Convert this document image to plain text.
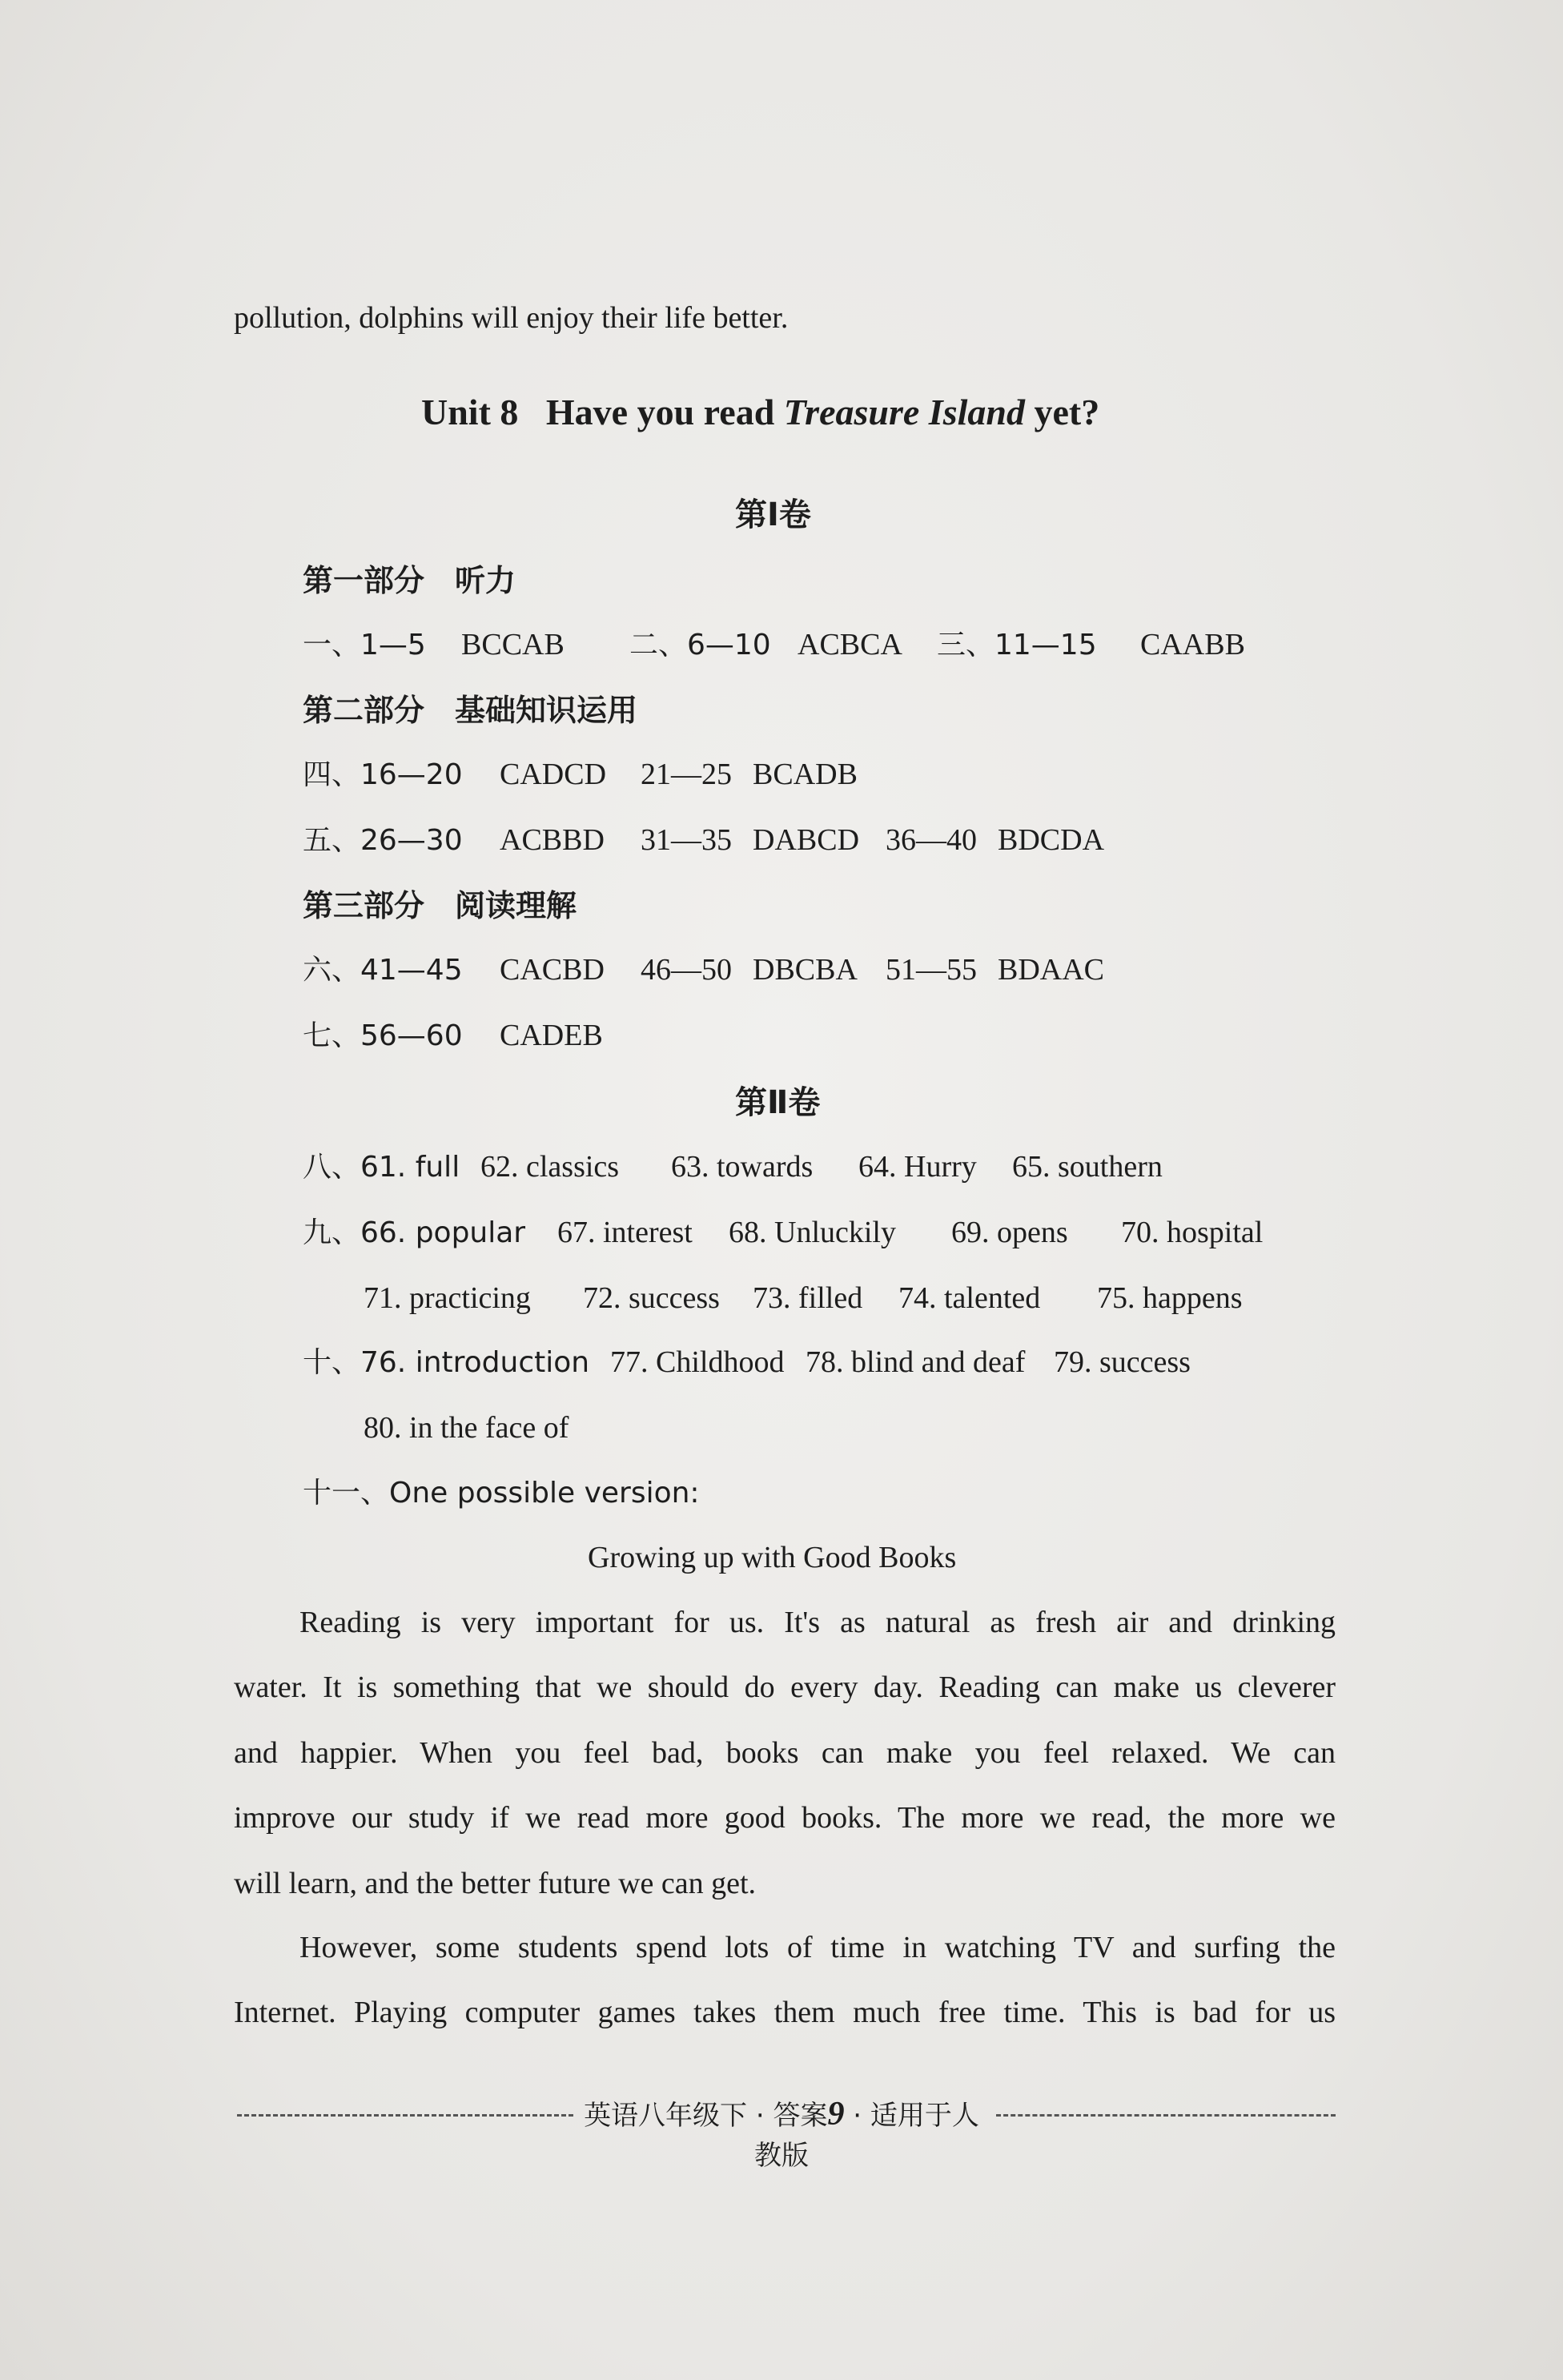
pollution, dolphins will enjoy their life better.
Unit 8 Have you read Treasure Island yet?
第Ⅰ卷
第一部分　听力
一、1—5 BCCAB 二、6—10 ACBCA 三、11—15 CAABB
第二部分　基础知识运用
四、16—20 CADCD 21—25 BCADB
五、26—30 ACBBD 31—35 DABCD 36—40 BDCDA
第三部分　阅读理解
六、41—45 CACBD 46—50 DBCBA 51—55 BDAAC
七、56—60 CADEB
第Ⅱ卷
八、61. full 62. classics 63. towards 64. Hurry 65. southern
九、66. popular 67. interest 68. Unluckily 69. opens 70. hospital
71. practicing 72. success 73. filled 74. talented 75. happens
十、76. introduction 77. Childhood 78. blind and deaf 79. success
80. in the face of
十一、One possible version:
Growing up with Good Books
Reading is very important for us. It's as natural as fresh air and drinking
water. It is something that we should do every day. Reading can make us cleverer
and happier. When you feel bad, books can make you feel relaxed. We can
improve our study if we read more good books. The more we read, the more we
will learn, and the better future we can get.
However, some students spend lots of time in watching TV and surfing the
Internet. Playing computer games takes them much free time. This is bad for us
英语八年级下 · 答案9 · 适用于人教版
